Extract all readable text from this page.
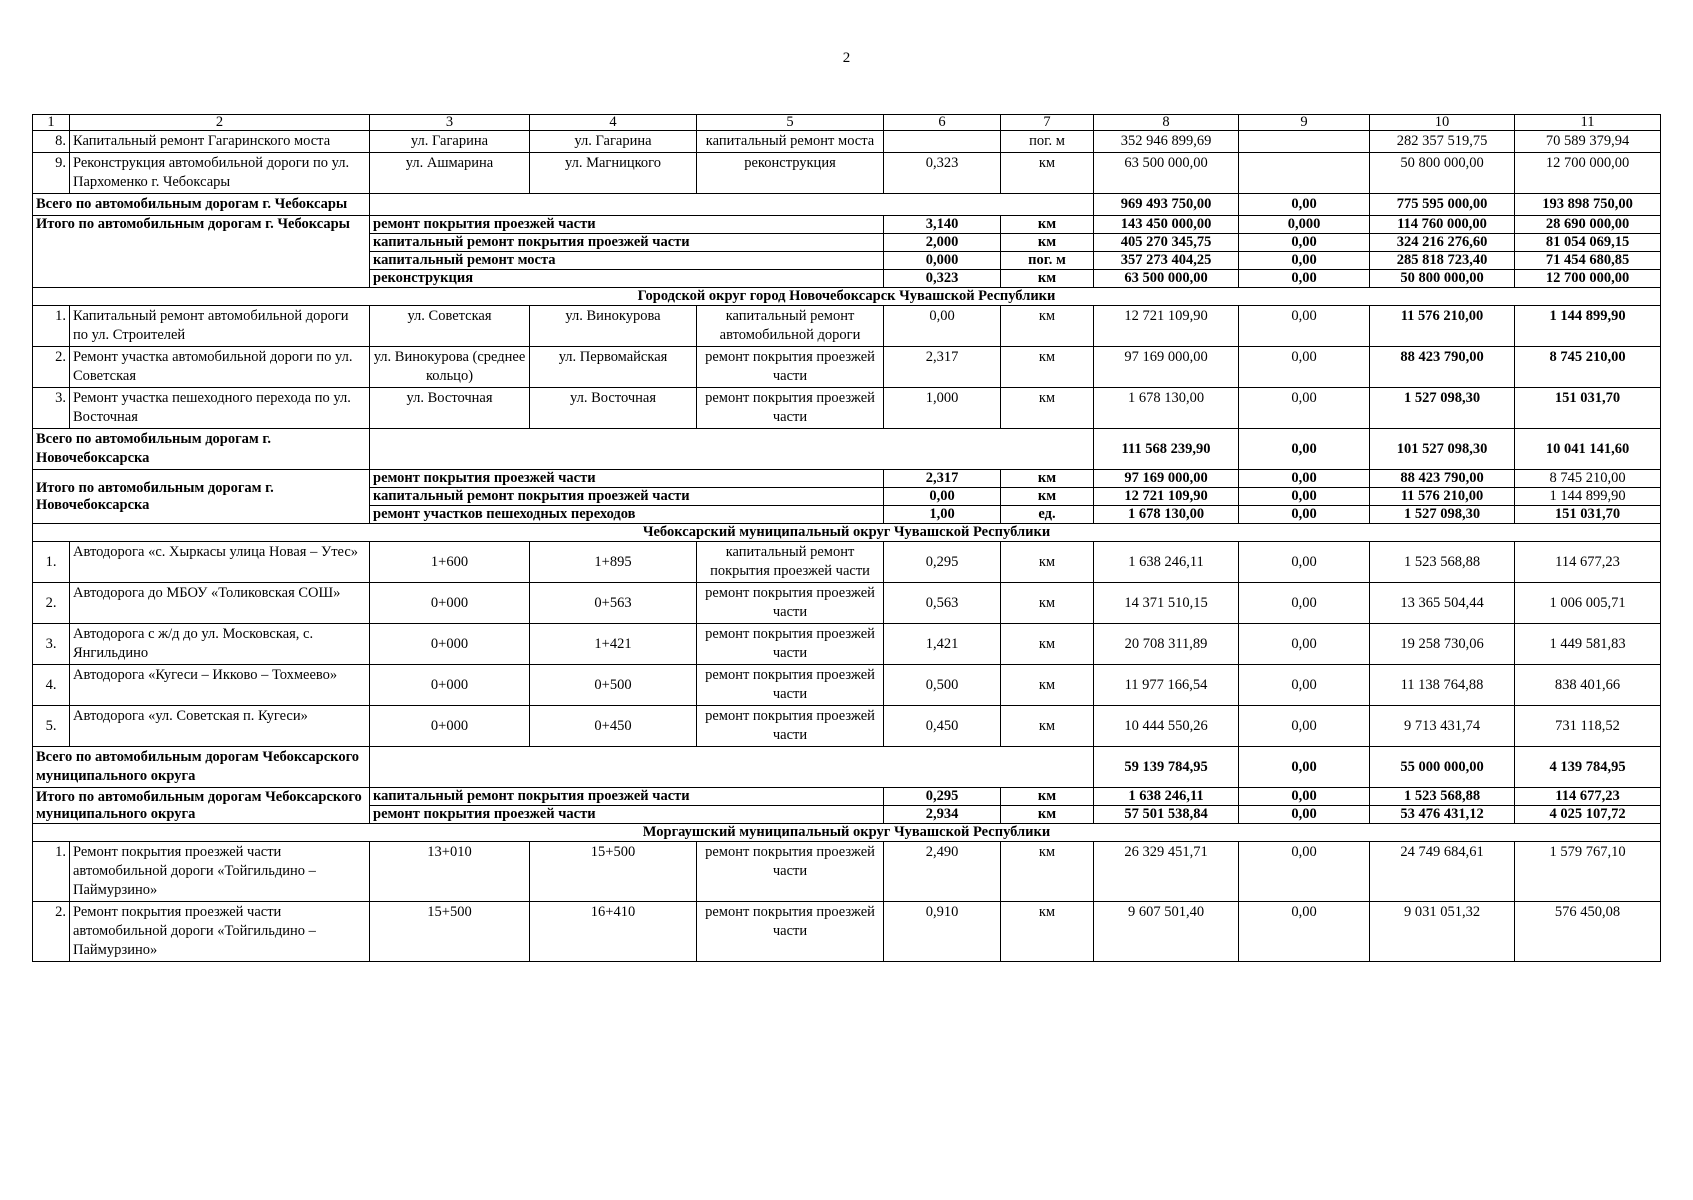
2
1	2	3	4	5	6	7	8	9	10	11
8.	Капитальный ремонт Гагаринского моста	ул. Гагарина	ул. Гагарина	капитальный ремонт моста		пог. м	352 946 899,69		282 357 519,75	70 589 379,94
9.	Реконструкция автомобильной дороги по ул. Пархоменко г. Чебоксары	ул. Ашмарина	ул. Магницкого	реконструкция	0,323	км	63 500 000,00		50 800 000,00	12 700 000,00
Всего по автомобильным дорогам г. Чебоксары							969 493 750,00	0,00	775 595 000,00	193 898 750,00
Итого по автомобильным дорогам г. Чебоксары		ремонт покрытия проезжей части			3,140	км	143 450 000,00	0,000	114 760 000,00	28 690 000,00
		капитальный ремонт покрытия проезжей части			2,000	км	405 270 345,75	0,00	324 216 276,60	81 054 069,15
		капитальный ремонт моста			0,000	пог. м	357 273 404,25	0,00	285 818 723,40	71 454 680,85
		реконструкция			0,323	км	63 500 000,00	0,00	50 800 000,00	12 700 000,00
Городской округ город Новочебоксарск Чувашской Республики										
1.	Капитальный ремонт автомобильной дороги по ул. Строителей	ул. Советская	ул. Винокурова	капитальный ремонт автомобильной дороги	0,00	км	12 721 109,90	0,00	11 576 210,00	1 144 899,90
2.	Ремонт участка автомобильной дороги по ул. Советская	ул. Винокурова (среднее кольцо)	ул. Первомайская	ремонт покрытия проезжей части	2,317	км	97 169 000,00	0,00	88 423 790,00	8 745 210,00
3.	Ремонт участка пешеходного перехода по ул. Восточная	ул. Восточная	ул. Восточная	ремонт покрытия проезжей части	1,000	км	1 678 130,00	0,00	1 527 098,30	151 031,70
Всего по автомобильным дорогам г. Новочебоксарска							111 568 239,90	0,00	101 527 098,30	10 041 141,60
Итого по автомобильным дорогам г. Новочебоксарска		ремонт покрытия проезжей части			2,317	км	97 169 000,00	0,00	88 423 790,00	8 745 210,00
		капитальный ремонт покрытия проезжей части			0,00	км	12 721 109,90	0,00	11 576 210,00	1 144 899,90
		ремонт участков пешеходных переходов			1,00	ед.	1 678 130,00	0,00	1 527 098,30	151 031,70
Чебоксарский муниципальный округ Чувашской Республики										
1.	Автодорога «с. Хыркасы улица Новая – Утес»	1+600	1+895	капитальный ремонт покрытия проезжей части	0,295	км	1 638 246,11	0,00	1 523 568,88	114 677,23
2.	Автодорога до МБОУ «Толиковская СОШ»	0+000	0+563	ремонт покрытия проезжей части	0,563	км	14 371 510,15	0,00	13 365 504,44	1 006 005,71
3.	Автодорога с ж/д до ул. Московская, с. Янгильдино	0+000	1+421	ремонт покрытия проезжей части	1,421	км	20 708 311,89	0,00	19 258 730,06	1 449 581,83
4.	Автодорога «Кугеси – Икково – Тохмеево»	0+000	0+500	ремонт покрытия проезжей части	0,500	км	11 977 166,54	0,00	11 138 764,88	838 401,66
5.	Автодорога «ул. Советская п. Кугеси»	0+000	0+450	ремонт покрытия проезжей части	0,450	км	10 444 550,26	0,00	9 713 431,74	731 118,52
Всего по автомобильным дорогам Чебоксарского муниципального округа							59 139 784,95	0,00	55 000 000,00	4 139 784,95
Итого по автомобильным дорогам Чебоксарского муниципального округа		капитальный ремонт покрытия проезжей части			0,295	км	1 638 246,11	0,00	1 523 568,88	114 677,23
		ремонт покрытия проезжей части			2,934	км	57 501 538,84	0,00	53 476 431,12	4 025 107,72
Моргаушский муниципальный округ Чувашской Республики										
1.	Ремонт покрытия проезжей части автомобильной дороги «Тойгильдино – Паймурзино»	13+010	15+500	ремонт покрытия проезжей части	2,490	км	26 329 451,71	0,00	24 749 684,61	1 579 767,10
2.	Ремонт покрытия проезжей части автомобильной дороги «Тойгильдино – Паймурзино»	15+500	16+410	ремонт покрытия проезжей части	0,910	км	9 607 501,40	0,00	9 031 051,32	576 450,08
